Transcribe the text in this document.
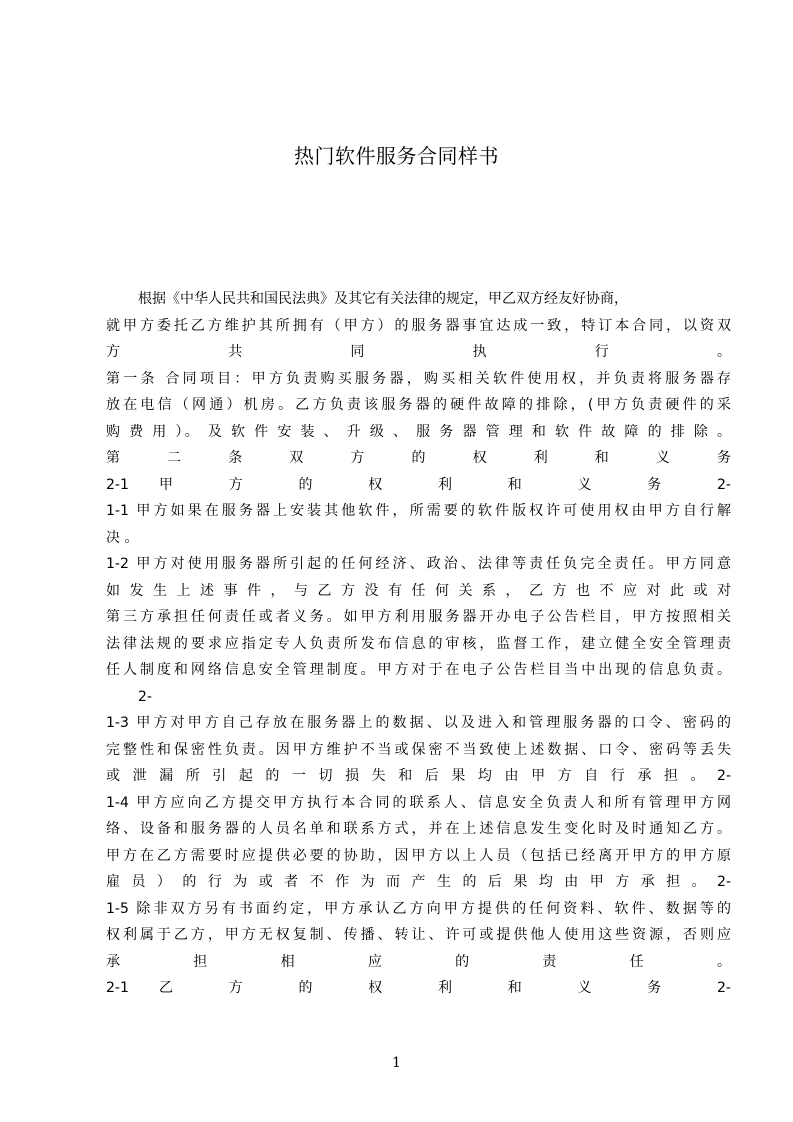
热门软件服务合同样书
根据《中华人民共和国民法典》及其它有关法律的规定，甲乙双方经友好协商，
就甲方委托乙方维护其所拥有（甲方）的服务器事宜达成一致，特订本合同，以资双
方 共 同 执 行 。
第一条 合同项目：甲方负责购买服务器，购买相关软件使用权，并负责将服务器存
放在电信（网通）机房。乙方负责该服务器的硬件故障的排除，(甲方负责硬件的采
购 费 用 ）。 及 软 件 安 装 、 升 级 、 服 务 器 管 理 和 软 件 故 障 的 排 除 。
第 二 条 双 方 的 权 利 和 义 务
2-1 甲 方 的 权 利 和 义 务 2-
1-1 甲方如果在服务器上安装其他软件，所需要的软件版权许可使用权由甲方自行解
决 。
1-2 甲方对使用服务器所引起的任何经济、政治、法律等责任负完全责任。甲方同意
如 发 生 上 述 事 件 ， 与 乙 方 没 有 任 何 关 系 ， 乙 方 也 不 应 对 此 或 对
第三方承担任何责任或者义务。如甲方利用服务器开办电子公告栏目，甲方按照相关
法律法规的要求应指定专人负责所发布信息的审核，监督工作，建立健全安全管理责
任人制度和网络信息安全管理制度。甲方对于在电子公告栏目当中出现的信息负责。
2-
1-3 甲方对甲方自己存放在服务器上的数据、以及进入和管理服务器的口令、密码的
完整性和保密性负责。因甲方维护不当或保密不当致使上述数据、口令、密码等丢失
或 泄 漏 所 引 起 的 一 切 损 失 和 后 果 均 由 甲 方 自 行 承 担 。 2-
1-4 甲方应向乙方提交甲方执行本合同的联系人、信息安全负责人和所有管理甲方网
络、设备和服务器的人员名单和联系方式，并在上述信息发生变化时及时通知乙方。
甲方在乙方需要时应提供必要的协助，因甲方以上人员（包括已经离开甲方的甲方原
雇 员 ） 的 行 为 或 者 不 作 为 而 产 生 的 后 果 均 由 甲 方 承 担 。 2-
1-5 除非双方另有书面约定，甲方承认乙方向甲方提供的任何资料、软件、数据等的
权利属于乙方，甲方无权复制、传播、转让、许可或提供他人使用这些资源，否则应
承 担 相 应 的 责 任 。
2-1 乙 方 的 权 利 和 义 务 2-
1
